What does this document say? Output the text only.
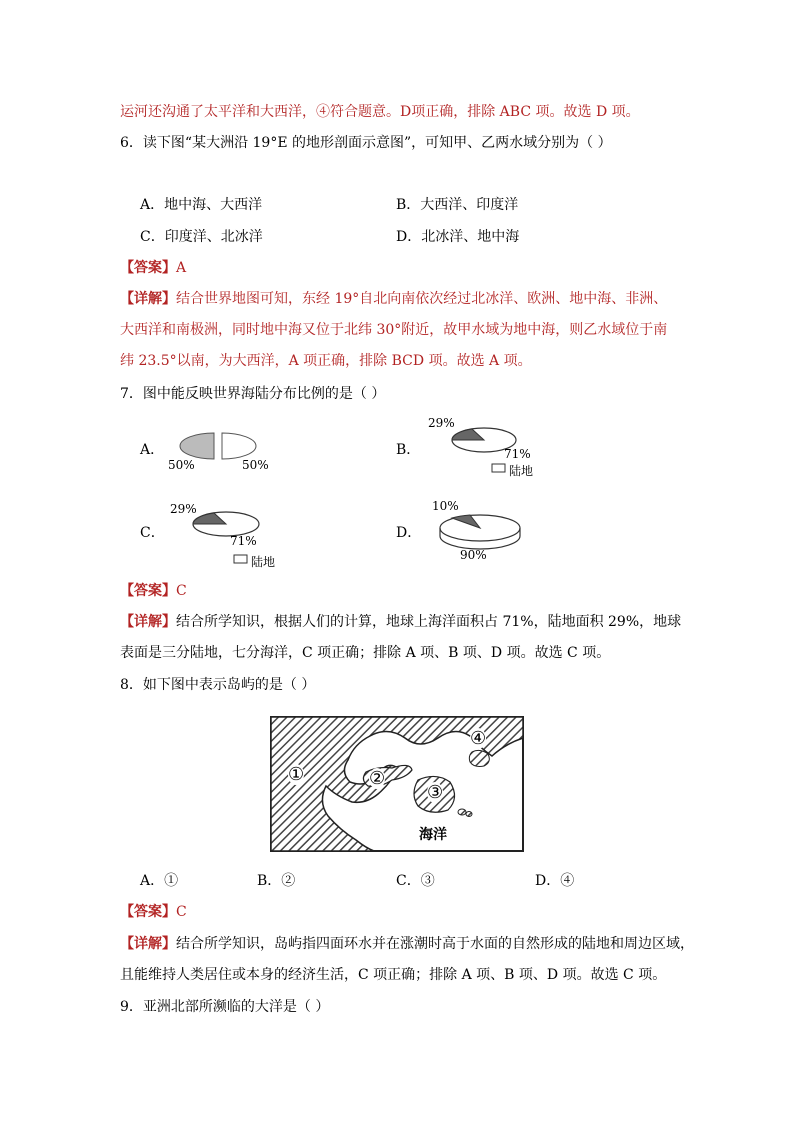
运河还沟通了太平洋和大西洋，④符合题意。D项正确，排除 ABC 项。故选 D 项。
6．读下图“某大洲沿 19°E 的地形剖面示意图”，可知甲、乙两水域分别为（ ）
A．地中海、大西洋	B．大西洋、印度洋
C．印度洋、北冰洋	D．北冰洋、地中海
【答案】A
【详解】结合世界地图可知，东经 19°自北向南依次经过北冰洋、欧洲、地中海、非洲、
大西洋和南极洲，同时地中海又位于北纬 30°附近，故甲水域为地中海，则乙水域位于南
纬 23.5°以南，为大西洋，A 项正确，排除 BCD 项。故选 A 项。
7．图中能反映世界海陆分布比例的是（ ）
A．
50%	50%
B．
29%
71%
陆地
C．
29%
71%
陆地
D．
10%
90%
【答案】C
【详解】结合所学知识，根据人们的计算，地球上海洋面积占 71%，陆地面积 29%，地球
表面是三分陆地，七分海洋，C 项正确；排除 A 项、B 项、D 项。故选 C 项。
8．如下图中表示岛屿的是（ ）
①	②
③
④
海洋
A．①	B．②	C．③	D．④
【答案】C
【详解】结合所学知识，岛屿指四面环水并在涨潮时高于水面的自然形成的陆地和周边区域，
且能维持人类居住或本身的经济生活，C 项正确；排除 A 项、B 项、D 项。故选 C 项。
9．亚洲北部所濒临的大洋是（ ）
